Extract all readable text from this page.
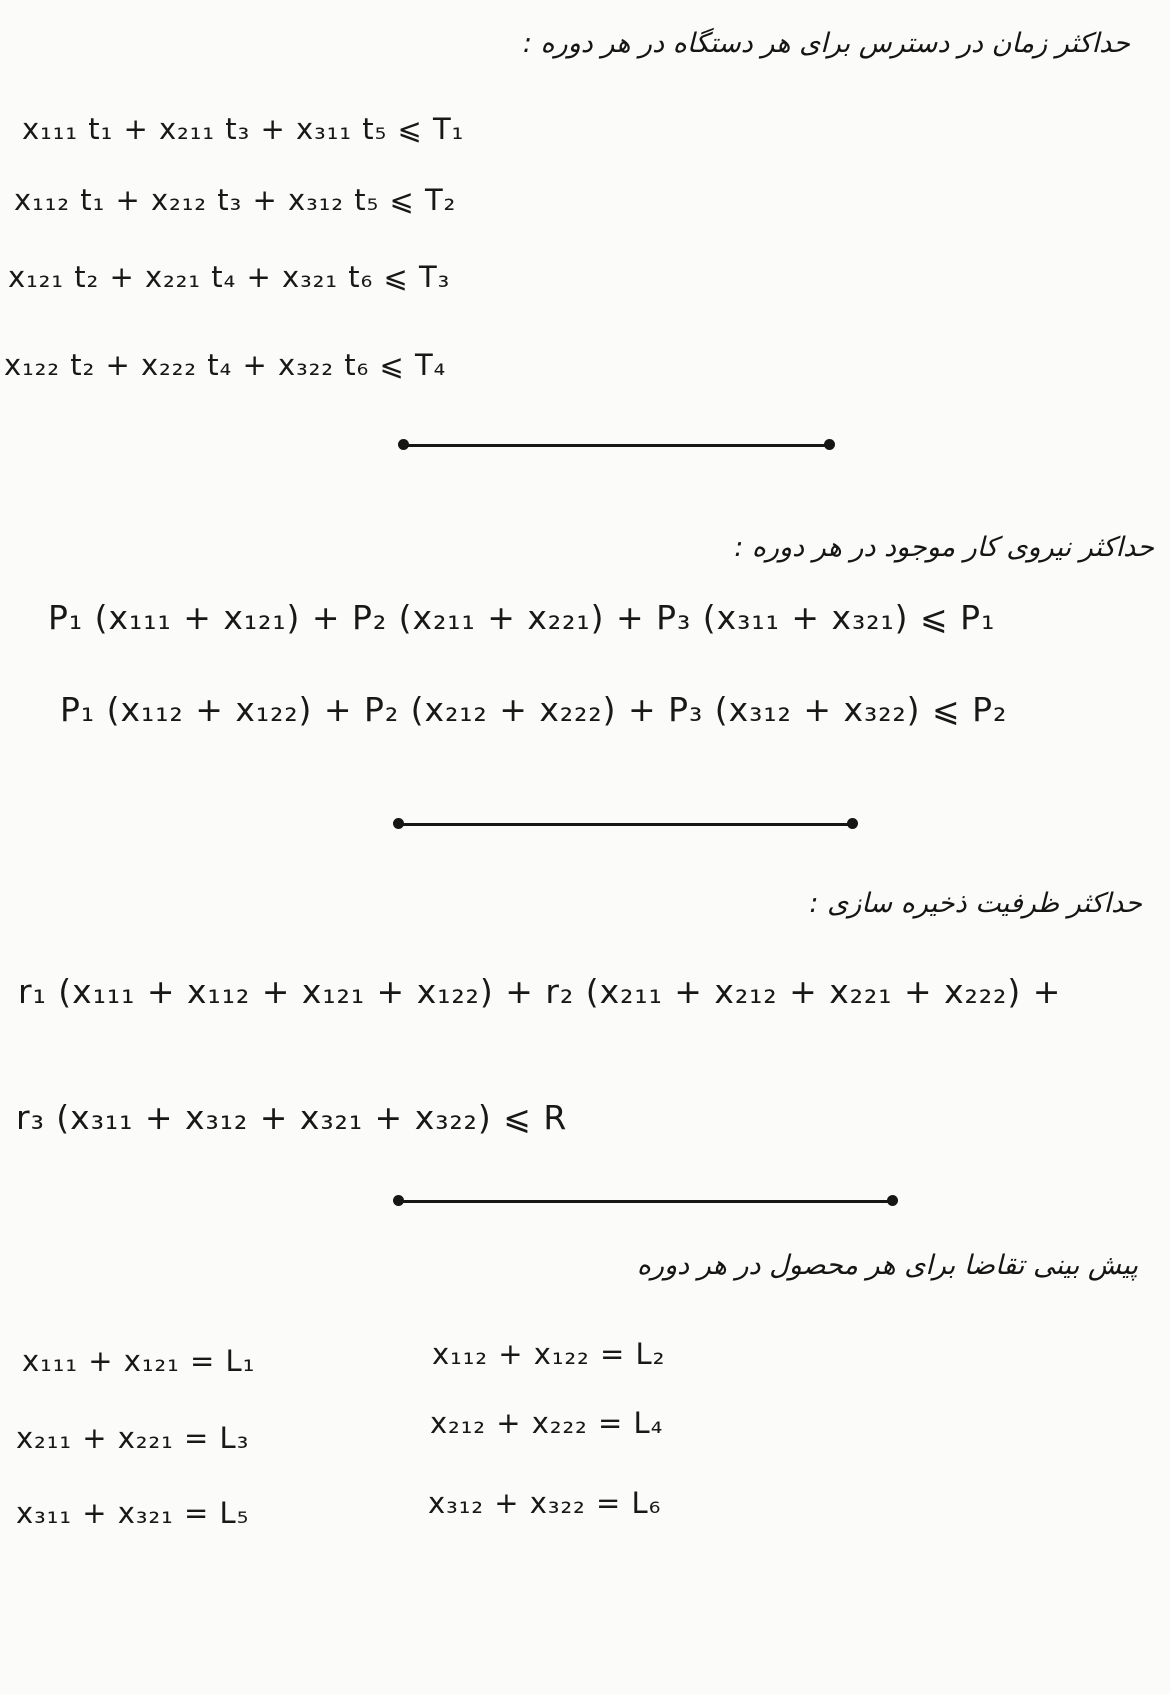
حداکثر زمان در دسترس برای هر دستگاه در هر دوره :
x₁₁₁ t₁ + x₂₁₁ t₃ + x₃₁₁ t₅ ⩽ T₁
x₁₁₂ t₁ + x₂₁₂ t₃ + x₃₁₂ t₅ ⩽ T₂
x₁₂₁ t₂ + x₂₂₁ t₄ + x₃₂₁ t₆ ⩽ T₃
x₁₂₂ t₂ + x₂₂₂ t₄ + x₃₂₂ t₆ ⩽ T₄
حداکثر نیروی کار موجود در هر دوره :
P₁ (x₁₁₁ + x₁₂₁) + P₂ (x₂₁₁ + x₂₂₁) + P₃ (x₃₁₁ + x₃₂₁) ⩽ P₁
P₁ (x₁₁₂ + x₁₂₂) + P₂ (x₂₁₂ + x₂₂₂) + P₃ (x₃₁₂ + x₃₂₂) ⩽ P₂
حداکثر ظرفیت ذخیره سازی :
r₁ (x₁₁₁ + x₁₁₂ + x₁₂₁ + x₁₂₂) + r₂ (x₂₁₁ + x₂₁₂ + x₂₂₁ + x₂₂₂) +
r₃ (x₃₁₁ + x₃₁₂ + x₃₂₁ + x₃₂₂) ⩽ R
پیش بینی تقاضا برای هر محصول در هر دوره
x₁₁₁ + x₁₂₁ = L₁
x₂₁₁ + x₂₂₁ = L₃
x₃₁₁ + x₃₂₁ = L₅
x₁₁₂ + x₁₂₂ = L₂
x₂₁₂ + x₂₂₂ = L₄
x₃₁₂ + x₃₂₂ = L₆
